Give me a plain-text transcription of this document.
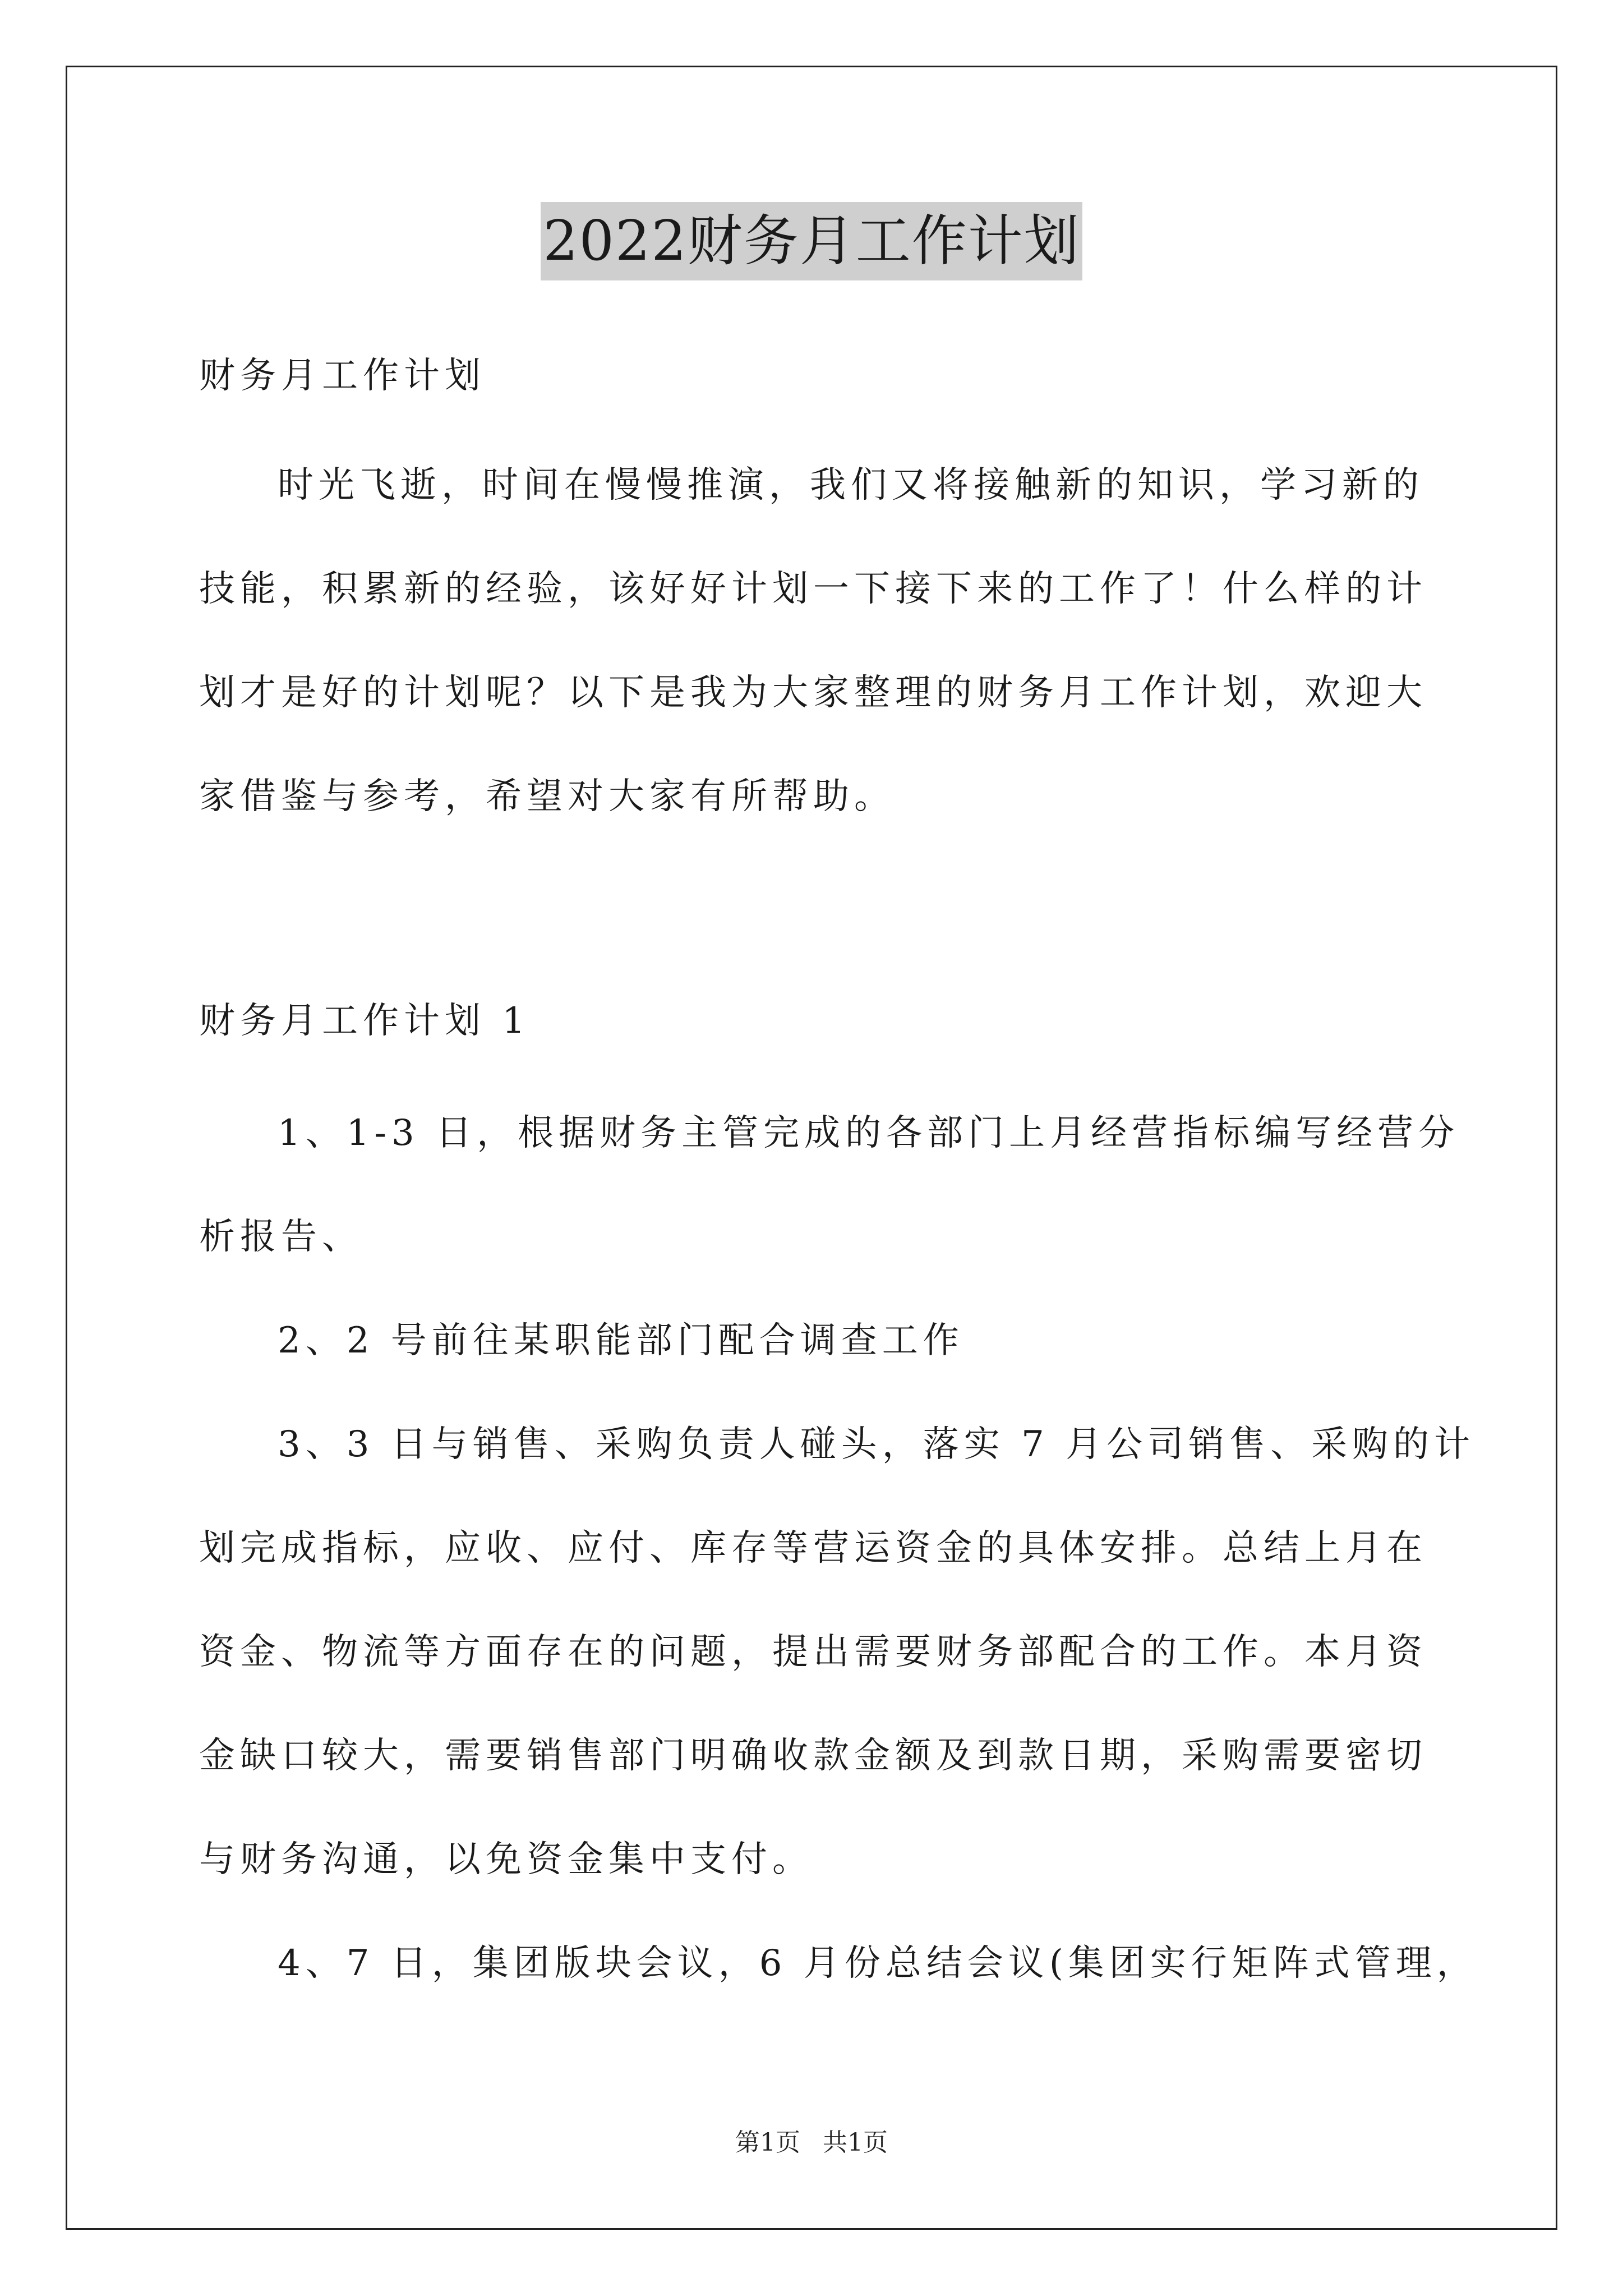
2022财务月工作计划
财务月工作计划
时光飞逝，时间在慢慢推演，我们又将接触新的知识，学习新的
技能，积累新的经验，该好好计划一下接下来的工作了！什么样的计
划才是好的计划呢？以下是我为大家整理的财务月工作计划，欢迎大
家借鉴与参考，希望对大家有所帮助。
财务月工作计划 1
1、1-3 日，根据财务主管完成的各部门上月经营指标编写经营分
析报告、
2、2 号前往某职能部门配合调查工作
3、3 日与销售、采购负责人碰头，落实 7 月公司销售、采购的计
划完成指标，应收、应付、库存等营运资金的具体安排。总结上月在
资金、物流等方面存在的问题，提出需要财务部配合的工作。本月资
金缺口较大，需要销售部门明确收款金额及到款日期，采购需要密切
与财务沟通，以免资金集中支付。
4、7 日，集团版块会议，6 月份总结会议(集团实行矩阵式管理，
第1页 共1页
